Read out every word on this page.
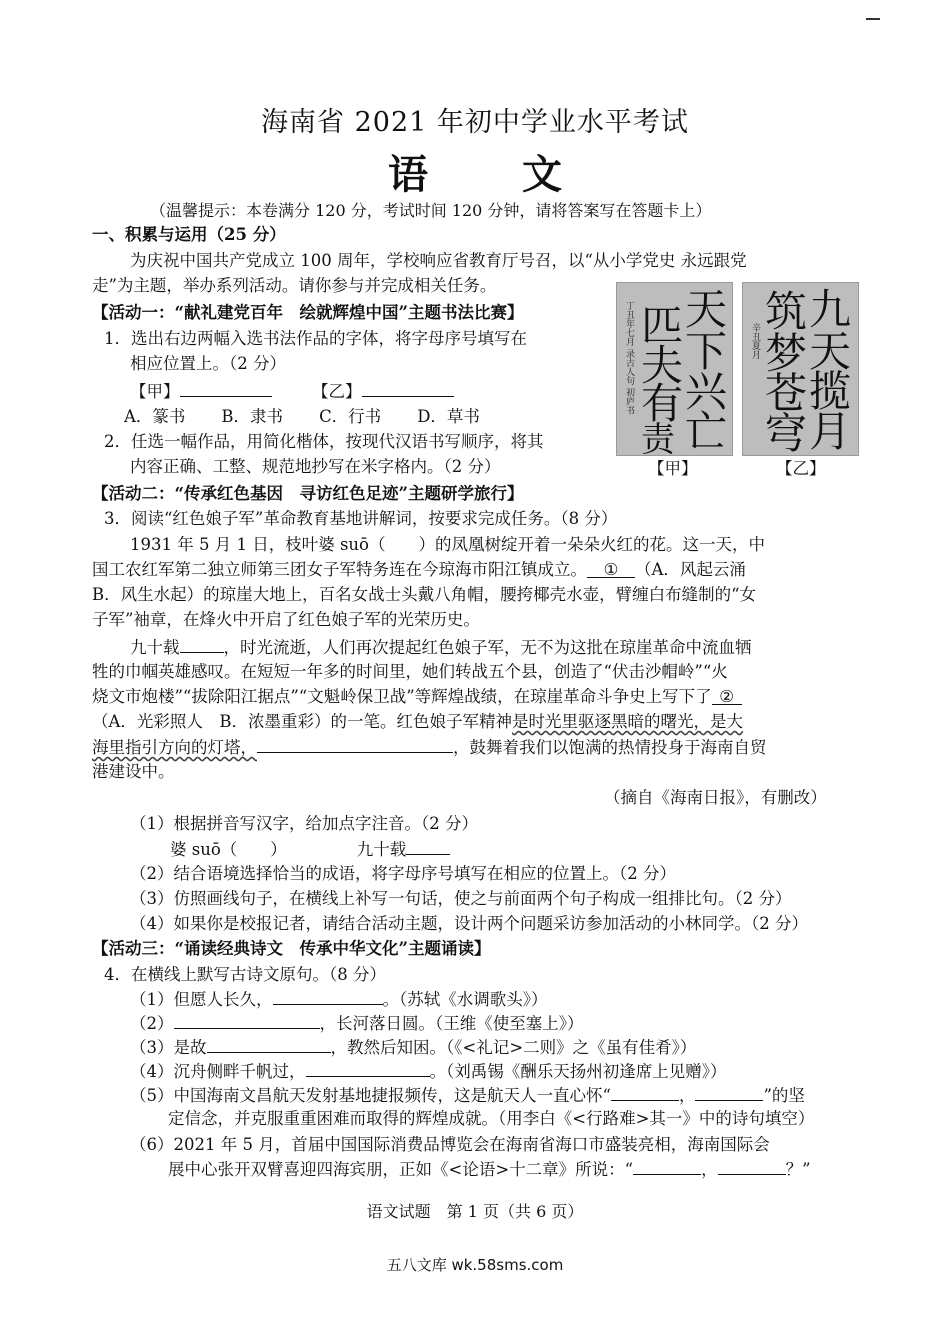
海南省 2021 年初中学业水平考试
语 文
（温馨提示：本卷满分 120 分，考试时间 120 分钟，请将答案写在答题卡上）
一、积累与运用（25 分）
为庆祝中国共产党成立 100 周年，学校响应省教育厅号召，以“从小学党史 永远跟党
走”为主题，举办系列活动。请你参与并完成相关任务。
【活动一：“献礼建党百年　绘就辉煌中国”主题书法比赛】
1．选出右边两幅入选书法作品的字体，将字母序号填写在
相应位置上。（2 分）
【甲】	【乙】
A．篆书 B．隶书 C．行书 D．草书
2．任选一幅作品，用简化楷体，按现代汉语书写顺序，将其
内容正确、工整、规范地抄写在米字格内。（2 分）
丁丑年七月 录古人句 初庐书 天
下
兴
亡
匹
夫
有
责
辛丑夏月
九
天
揽
月
筑
梦
苍
穹
【甲】	【乙】
【活动二：“传承红色基因　寻访红色足迹”主题研学旅行】
3．阅读“红色娘子军”革命教育基地讲解词，按要求完成任务。（8 分）
1931 年 5 月 1 日，枝叶婆 suō（　　）的凤凰树绽开着一朵朵火红的花。这一天，中
国工农红军第二独立师第三团女子军特务连在今琼海市阳江镇成立。 ① （A．风起云涌
B．风生水起）的琼崖大地上，百名女战士头戴八角帽，腰挎椰壳水壶，臂缠白布缝制的“女
子军”袖章，在烽火中开启了红色娘子军的光荣历史。
九十载	，时光流逝，人们再次提起红色娘子军，无不为这批在琼崖革命中流血牺
牲的巾帼英雄感叹。在短短一年多的时间里，她们转战五个县，创造了“伏击沙帽岭”“火
烧文市炮楼”“拔除阳江据点”“文魁岭保卫战”等辉煌战绩，在琼崖革命斗争史上写下了 ②
（A．光彩照人　B．浓墨重彩）的一笔。红色娘子军精神是时光里驱逐黑暗的曙光，是大
海里指引方向的灯塔，	，鼓舞着我们以饱满的热情投身于海南自贸
港建设中。
（摘自《海南日报》，有删改）
（1）根据拼音写汉字，给加点字注音。（2 分）
婆 suō（　　）	九十载
（2）结合语境选择恰当的成语，将字母序号填写在相应的位置上。（2 分）
（3）仿照画线句子，在横线上补写一句话，使之与前面两个句子构成一组排比句。（2 分）
（4）如果你是校报记者，请结合活动主题，设计两个问题采访参加活动的小林同学。（2 分）
【活动三：“诵读经典诗文　传承中华文化”主题诵读】
4．在横线上默写古诗文原句。（8 分）
（1）但愿人长久，	。（苏轼《水调歌头》）
（2）	，长河落日圆。（王维《使至塞上》）
（3）是故	，教然后知困。（《<礼记>二则》之《虽有佳肴》）
（4）沉舟侧畔千帆过，	。（刘禹锡《酬乐天扬州初逢席上见赠》）
（5）中国海南文昌航天发射基地捷报频传，这是航天人一直心怀“	，	”的坚
定信念，并克服重重困难而取得的辉煌成就。（用李白《<行路难>其一》中的诗句填空）
（6）2021 年 5 月，首届中国国际消费品博览会在海南省海口市盛装亮相，海南国际会
展中心张开双臂喜迎四海宾朋，正如《<论语>十二章》所说：“	，	？”
语文试题　第 1 页（共 6 页）
五八文库 wk.58sms.com
